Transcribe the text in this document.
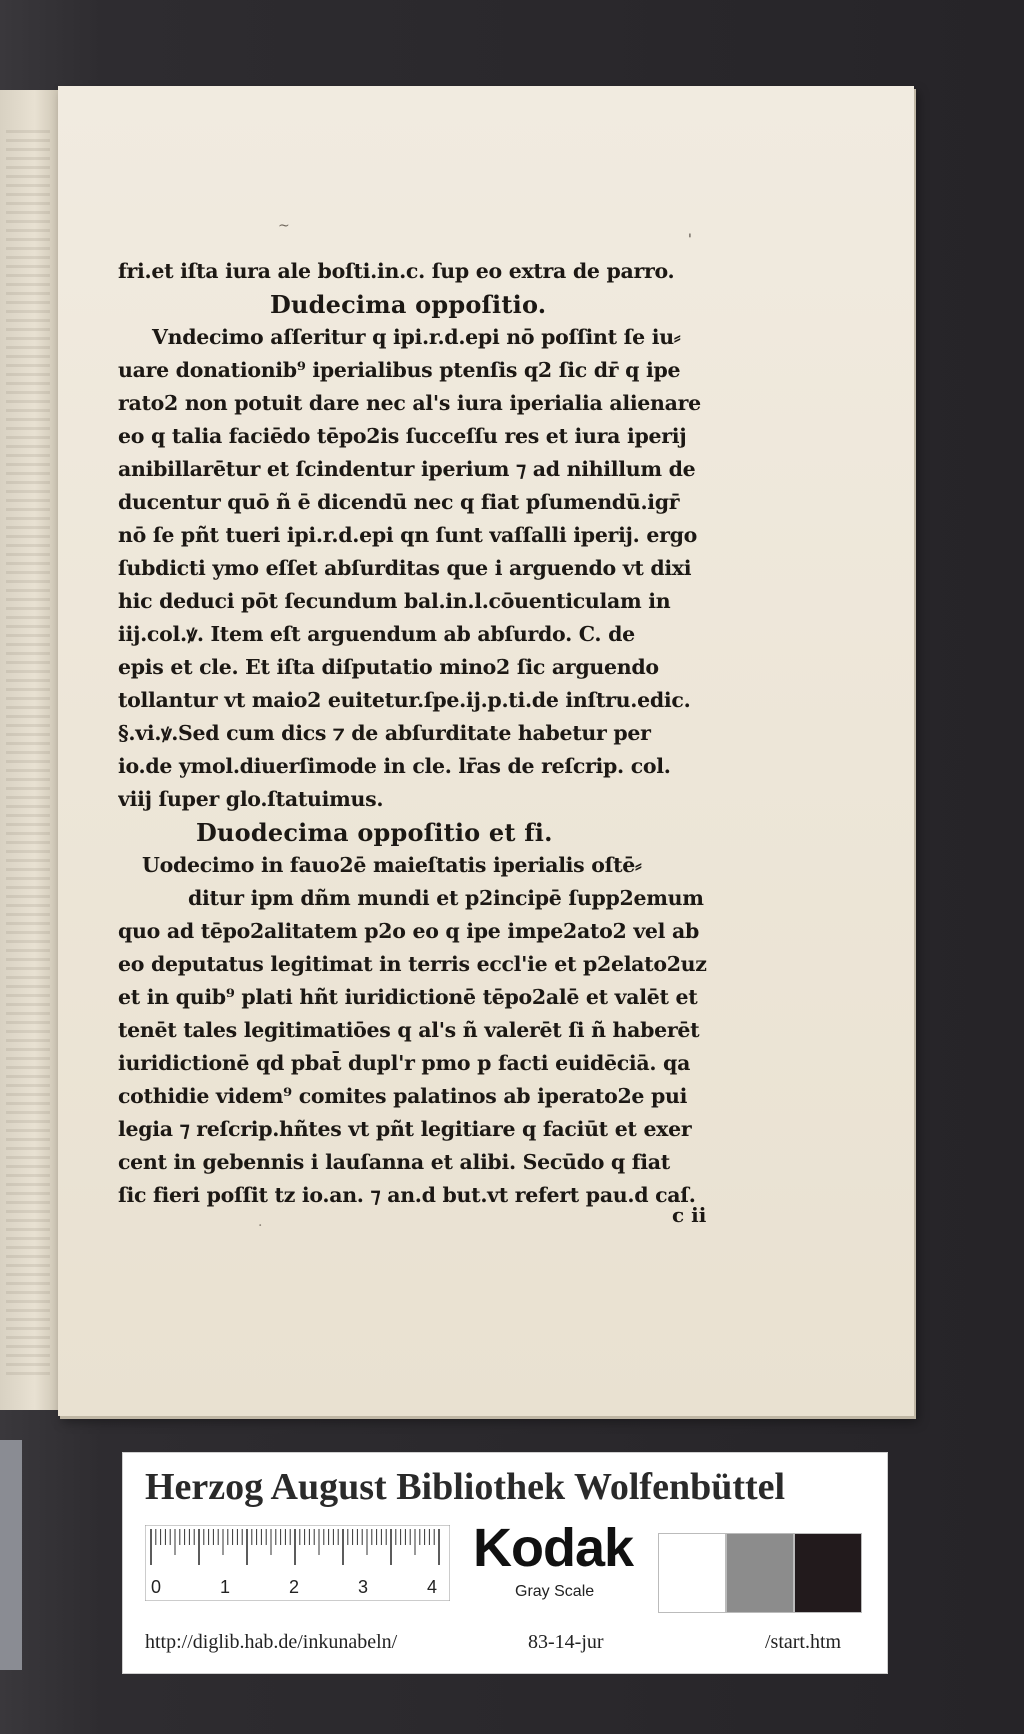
~
ꞌ
fri.et iſta iura ale boſti.in.c. ſup eo extra de parro.
Dudecima oppoſitio.
Vndecimo aſſeritur q ipi.r.d.epi nō poſſint ſe iu⸗
uare donationib⁹ iperialibus ptenſis q2 ſic dr̄ q ipe
rato2 non potuit dare nec al's iura iperialia alienare
eo q talia faciēdo tēpo2is ſucceſſu res et iura iperij
anibillarētur et ſcindentur iperium ⁊ ad nihillum de
ducentur quō ñ ē dicendū nec q fiat pſumendū.igr̄
nō ſe pñt tueri ipi.r.d.epi qn ſunt vaſſalli iperij. ergo
ſubdicti ymo eſſet abſurditas que i arguendo vt dixi
hic deduci pōt ſecundum bal.in.l.cōuenticulam in
iij.col.ꝟ. Item eſt arguendum ab abſurdo. C. de
epis et cle. Et iſta diſputatio mino2 ſic arguendo
tollantur vt maio2 euitetur.ſpe.ij.p.ti.de inſtru.edic.
§.vi.ꝟ.Sed cum dics ⁊ de abſurditate habetur per
io.de ymol.diuerſimode in cle. lr̄as de reſcrip. col.
viij ſuper glo.ſtatuimus.
Duodecima oppoſitio et fi.
Uodecimo in fauo2ē maieſtatis iperialis oſtē⸗
ditur ipm dñm mundi et p2incipē ſupp2emum
quo ad tēpo2alitatem p2o eo q ipe impe2ato2 vel ab
eo deputatus legitimat in terris eccl'ie et p2elato2uz
et in quib⁹ plati hñt iuridictionē tēpo2alē et valēt et
tenēt tales legitimatiōes q al's ñ valerēt ſi ñ haberēt
iuridictionē qd pbat̄ dupl'r pmo p facti euidēciā. qa
cothidie videm⁹ comites palatinos ab iperato2e pui
legia ⁊ reſcrip.hñtes vt pñt legitiare q faciūt et exer
cent in gebennis i lauſanna et alibi. Secūdo q fiat
ſic fieri poſſit tz io.an. ⁊ an.d but.vt refert pau.d caſ.
·	c ii
Herzog August Bibliothek Wolfenbüttel
0	1	2	3	4
Kodak
Gray Scale
http://diglib.hab.de/inkunabeln/	83-14-jur	/start.htm
